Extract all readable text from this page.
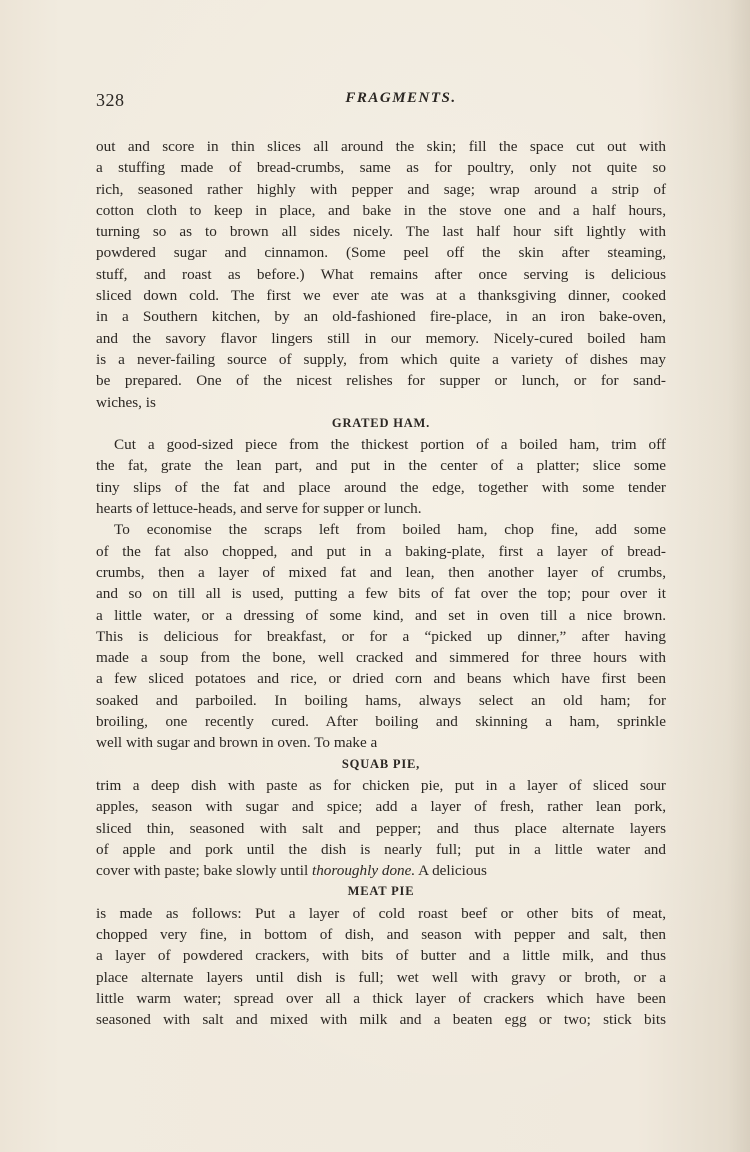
328	FRAGMENTS.
out and score in thin slices all around the skin; fill the space cut out with
a stuffing made of bread-crumbs, same as for poultry, only not quite so
rich, seasoned rather highly with pepper and sage; wrap around a strip of
cotton cloth to keep in place, and bake in the stove one and a half hours,
turning so as to brown all sides nicely. The last half hour sift lightly with
powdered sugar and cinnamon. (Some peel off the skin after steaming,
stuff, and roast as before.) What remains after once serving is delicious
sliced down cold. The first we ever ate was at a thanksgiving dinner, cooked
in a Southern kitchen, by an old-fashioned fire-place, in an iron bake-oven,
and the savory flavor lingers still in our memory. Nicely-cured boiled ham
is a never-failing source of supply, from which quite a variety of dishes may
be prepared. One of the nicest relishes for supper or lunch, or for sand-
wiches, is
GRATED HAM.
Cut a good-sized piece from the thickest portion of a boiled ham, trim off
the fat, grate the lean part, and put in the center of a platter; slice some
tiny slips of the fat and place around the edge, together with some tender
hearts of lettuce-heads, and serve for supper or lunch.
To economise the scraps left from boiled ham, chop fine, add some
of the fat also chopped, and put in a baking-plate, first a layer of bread-
crumbs, then a layer of mixed fat and lean, then another layer of crumbs,
and so on till all is used, putting a few bits of fat over the top; pour over it
a little water, or a dressing of some kind, and set in oven till a nice brown.
This is delicious for breakfast, or for a “picked up dinner,” after having
made a soup from the bone, well cracked and simmered for three hours with
a few sliced potatoes and rice, or dried corn and beans which have first been
soaked and parboiled. In boiling hams, always select an old ham; for
broiling, one recently cured. After boiling and skinning a ham, sprinkle
well with sugar and brown in oven. To make a
SQUAB PIE,
trim a deep dish with paste as for chicken pie, put in a layer of sliced sour
apples, season with sugar and spice; add a layer of fresh, rather lean pork,
sliced thin, seasoned with salt and pepper; and thus place alternate layers
of apple and pork until the dish is nearly full; put in a little water and
cover with paste; bake slowly until thoroughly done. A delicious
MEAT PIE
is made as follows: Put a layer of cold roast beef or other bits of meat,
chopped very fine, in bottom of dish, and season with pepper and salt, then
a layer of powdered crackers, with bits of butter and a little milk, and thus
place alternate layers until dish is full; wet well with gravy or broth, or a
little warm water; spread over all a thick layer of crackers which have been
seasoned with salt and mixed with milk and a beaten egg or two; stick bits
